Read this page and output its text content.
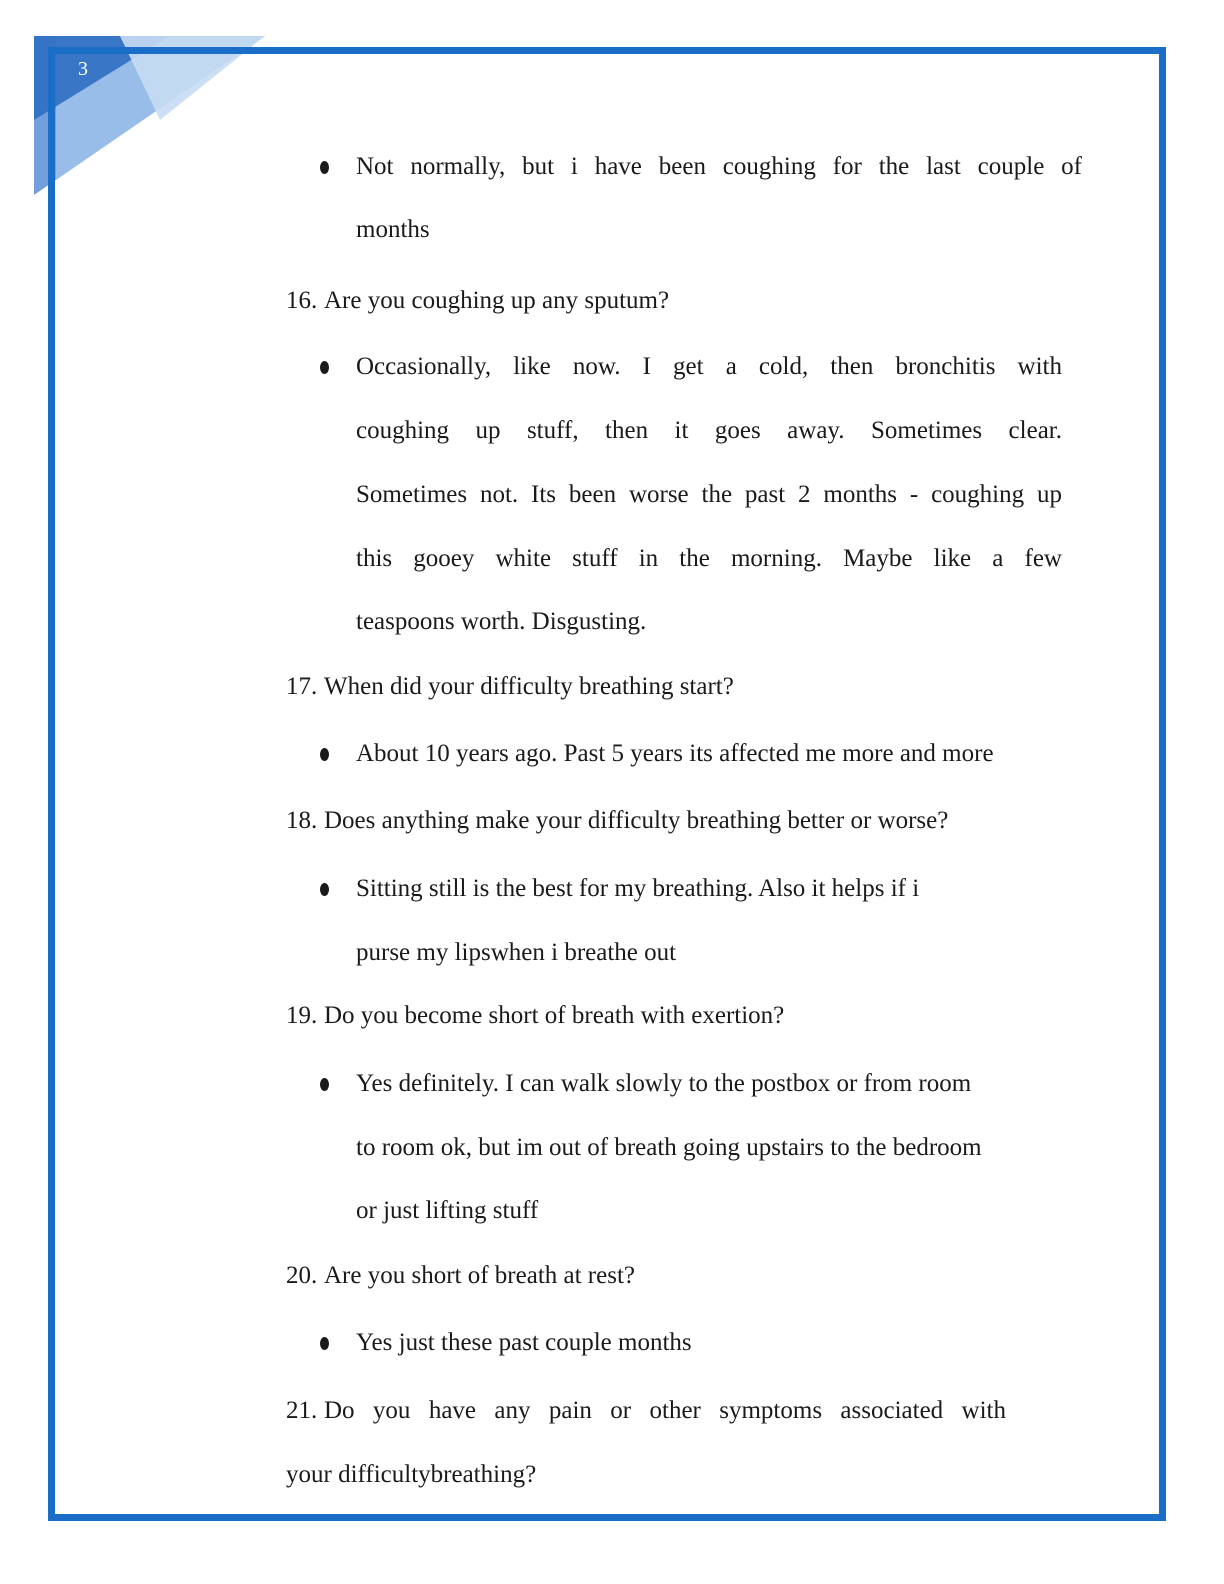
3
Not normally, but i have been coughing for the last couple of
months
16. Are you coughing up any sputum?
Occasionally, like now. I get a cold, then bronchitis with
coughing up stuff, then it goes away. Sometimes clear.
Sometimes not. Its been worse the past 2 months - coughing up
this gooey white stuff in the morning. Maybe like a few
teaspoons worth. Disgusting.
17. When did your difficulty breathing start?
About 10 years ago. Past 5 years its affected me more and more
18. Does anything make your difficulty breathing better or worse?
Sitting still is the best for my breathing. Also it helps if i
purse my lipswhen i breathe out
19. Do you become short of breath with exertion?
Yes definitely. I can walk slowly to the postbox or from room
to room ok, but im out of breath going upstairs to the bedroom
or just lifting stuff
20. Are you short of breath at rest?
Yes just these past couple months
21. Do you have any pain or other symptoms associated with
your difficultybreathing?
